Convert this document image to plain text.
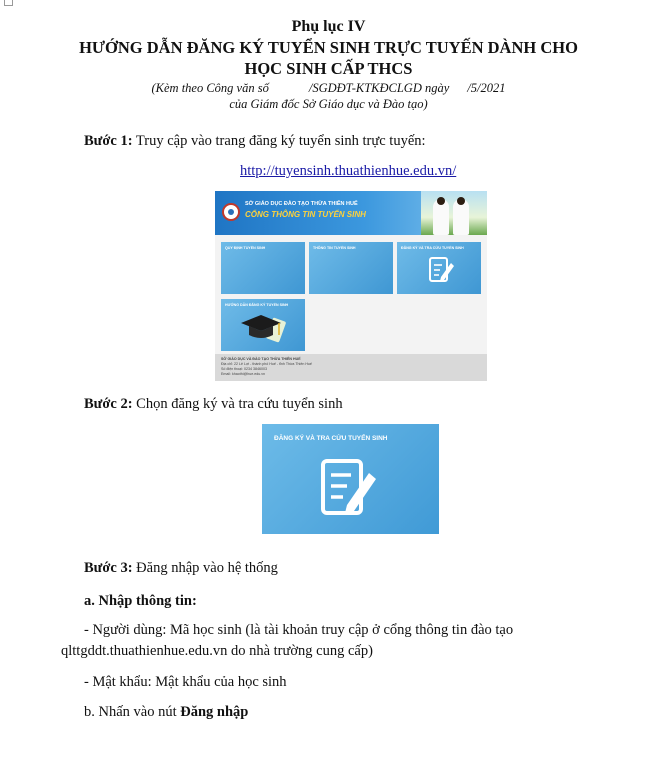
Phụ lục IV
HƯỚNG DẪN ĐĂNG KÝ TUYỂN SINH TRỰC TUYẾN DÀNH CHO
HỌC SINH CẤP THCS
(Kèm theo Công văn số	/SGDĐT-KTKĐCLGD ngày /5/2021
của Giám đốc Sở Giáo dục và Đào tạo)
Bước 1: Truy cập vào trang đăng ký tuyển sinh trực tuyến:
http://tuyensinh.thuathienhue.edu.vn/
SỞ GIÁO DỤC ĐÀO TẠO THỪA THIÊN HUẾ
CỔNG THÔNG TIN TUYỂN SINH
QUY ĐỊNH TUYỂN SINH	THÔNG TIN TUYỂN SINH	ĐĂNG KÝ VÀ TRA CỨU TUYỂN SINH
HƯỚNG DẪN ĐĂNG KÝ TUYỂN SINH
SỞ GIÁO DỤC VÀ ĐÀO TẠO THỪA THIÊN HUẾ
Địa chỉ: 22 Lê Lợi - thành phố Huế - tỉnh Thừa Thiên Huế
Số điện thoại: 0234 3846003
Email: khaothi@hue.edu.vn
Bước 2: Chọn đăng ký và tra cứu tuyển sinh
ĐĂNG KÝ VÀ TRA CỨU TUYỂN SINH
Bước 3: Đăng nhập vào hệ thống
a. Nhập thông tin:
- Người dùng: Mã học sinh (là tài khoản truy cập ở cổng thông tin đào tạo
qlttgddt.thuathienhue.edu.vn do nhà trường cung cấp)
- Mật khẩu: Mật khẩu của học sinh
b. Nhấn vào nút Đăng nhập
